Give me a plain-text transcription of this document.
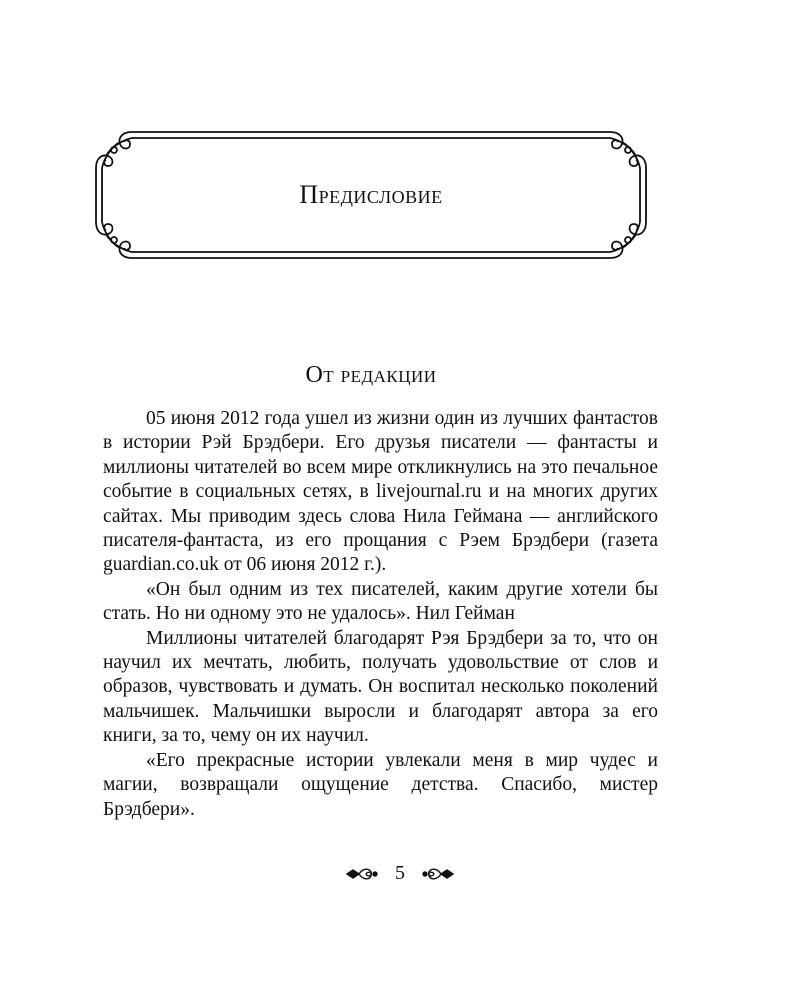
Предисловие
От редакции

05 июня 2012 года ушел из жизни один из лучших фантастов в истории Рэй Брэдбери. Его друзья писатели — фантасты и миллионы читателей во всем мире откликнулись на это печальное событие в социальных сетях, в livejournal.ru и на многих других сайтах. Мы приводим здесь слова Нила Геймана — английского писателя-фантаста, из его прощания с Рэем Брэдбери (газета guardian.co.uk от 06 июня 2012 г.).

«Он был одним из тех писателей, каким другие хотели бы стать. Но ни одному это не удалось». Нил Гейман

Миллионы читателей благодарят Рэя Брэдбери за то, что он научил их мечтать, любить, получать удовольствие от слов и образов, чувствовать и думать. Он воспитал несколько поколений мальчишек. Мальчишки выросли и благодарят автора за его книги, за то, чему он их научил.

«Его прекрасные истории увлекали меня в мир чудес и магии, возвращали ощущение детства. Спасибо, мистер Брэдбери».

5
